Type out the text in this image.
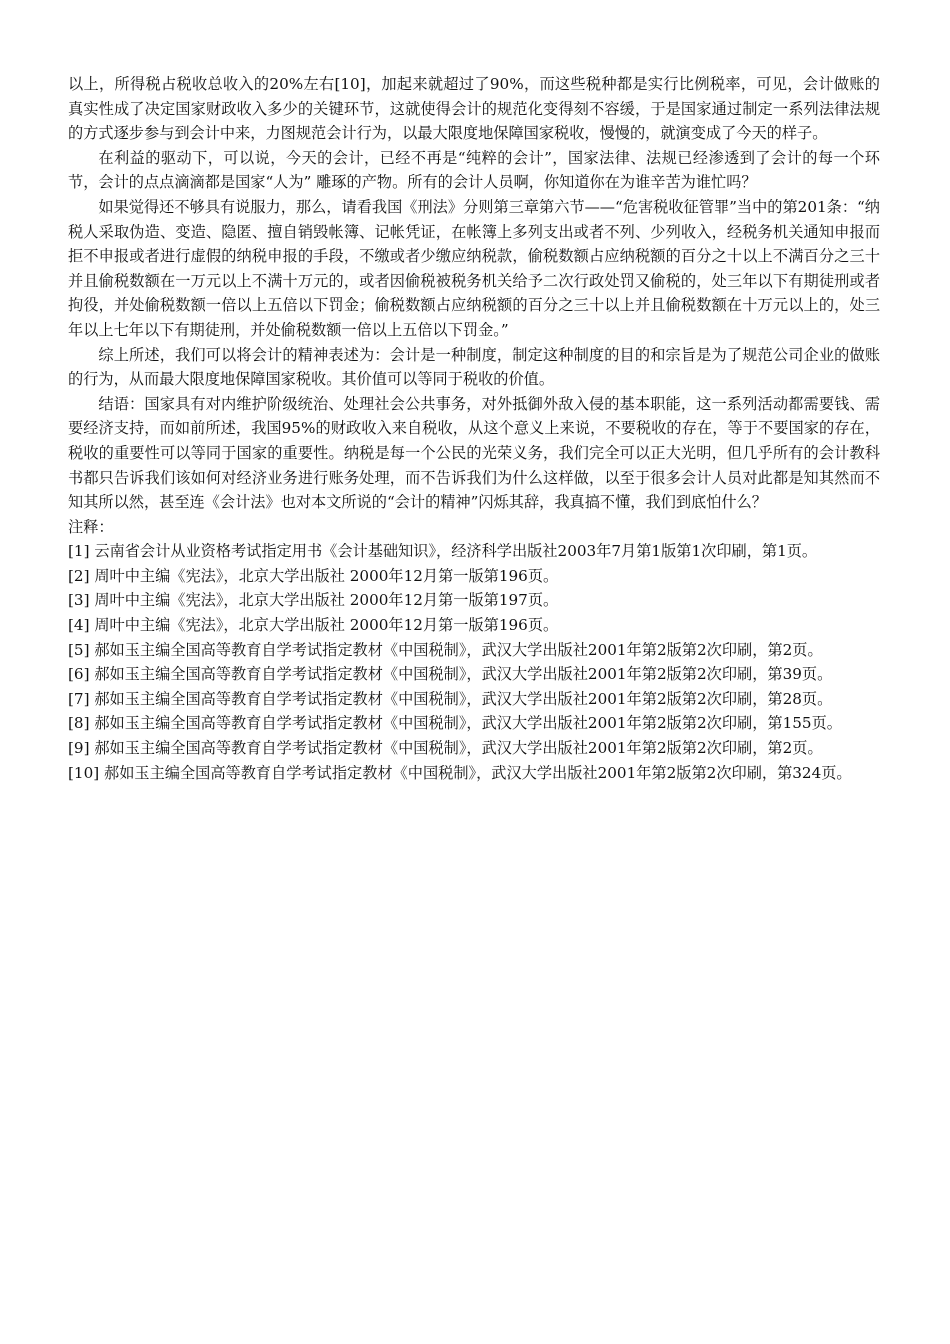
以上，所得税占税收总收入的20%左右[10]，加起来就超过了90%，而这些税种都是实行比例税率，可见，会计做账的真实性成了决定国家财政收入多少的关键环节，这就使得会计的规范化变得刻不容缓，于是国家通过制定一系列法律法规的方式逐步参与到会计中来，力图规范会计行为，以最大限度地保障国家税收，慢慢的，就演变成了今天的样子。

在利益的驱动下，可以说，今天的会计，已经不再是“纯粹的会计”，国家法律、法规已经渗透到了会计的每一个环节，会计的点点滴滴都是国家“人为” 雕琢的产物。所有的会计人员啊，你知道你在为谁辛苦为谁忙吗？

如果觉得还不够具有说服力，那么，请看我国《刑法》分则第三章第六节——“危害税收征管罪”当中的第201条：“纳税人采取伪造、变造、隐匿、擅自销毁帐簿、记帐凭证，在帐簿上多列支出或者不列、少列收入，经税务机关通知申报而拒不申报或者进行虚假的纳税申报的手段，不缴或者少缴应纳税款，偷税数额占应纳税额的百分之十以上不满百分之三十并且偷税数额在一万元以上不满十万元的，或者因偷税被税务机关给予二次行政处罚又偷税的，处三年以下有期徒刑或者拘役，并处偷税数额一倍以上五倍以下罚金；偷税数额占应纳税额的百分之三十以上并且偷税数额在十万元以上的，处三年以上七年以下有期徒刑，并处偷税数额一倍以上五倍以下罚金。”

综上所述，我们可以将会计的精神表述为：会计是一种制度，制定这种制度的目的和宗旨是为了规范公司企业的做账的行为，从而最大限度地保障国家税收。其价值可以等同于税收的价值。

结语：国家具有对内维护阶级统治、处理社会公共事务，对外抵御外敌入侵的基本职能，这一系列活动都需要钱、需要经济支持，而如前所述，我国95%的财政收入来自税收，从这个意义上来说，不要税收的存在，等于不要国家的存在，税收的重要性可以等同于国家的重要性。纳税是每一个公民的光荣义务，我们完全可以正大光明，但几乎所有的会计教科书都只告诉我们该如何对经济业务进行账务处理，而不告诉我们为什么这样做，以至于很多会计人员对此都是知其然而不知其所以然，甚至连《会计法》也对本文所说的“会计的精神”闪烁其辞，我真搞不懂，我们到底怕什么？

注释：

[1] 云南省会计从业资格考试指定用书《会计基础知识》，经济科学出版社2003年7月第1版第1次印刷，第1页。

[2] 周叶中主编《宪法》，北京大学出版社 2000年12月第一版第196页。

[3] 周叶中主编《宪法》，北京大学出版社 2000年12月第一版第197页。

[4] 周叶中主编《宪法》，北京大学出版社 2000年12月第一版第196页。

[5] 郝如玉主编全国高等教育自学考试指定教材《中国税制》，武汉大学出版社2001年第2版第2次印刷，第2页。

[6] 郝如玉主编全国高等教育自学考试指定教材《中国税制》，武汉大学出版社2001年第2版第2次印刷，第39页。

[7] 郝如玉主编全国高等教育自学考试指定教材《中国税制》，武汉大学出版社2001年第2版第2次印刷，第28页。

[8] 郝如玉主编全国高等教育自学考试指定教材《中国税制》，武汉大学出版社2001年第2版第2次印刷，第155页。

[9] 郝如玉主编全国高等教育自学考试指定教材《中国税制》，武汉大学出版社2001年第2版第2次印刷，第2页。

[10] 郝如玉主编全国高等教育自学考试指定教材《中国税制》，武汉大学出版社2001年第2版第2次印刷，第324页。
